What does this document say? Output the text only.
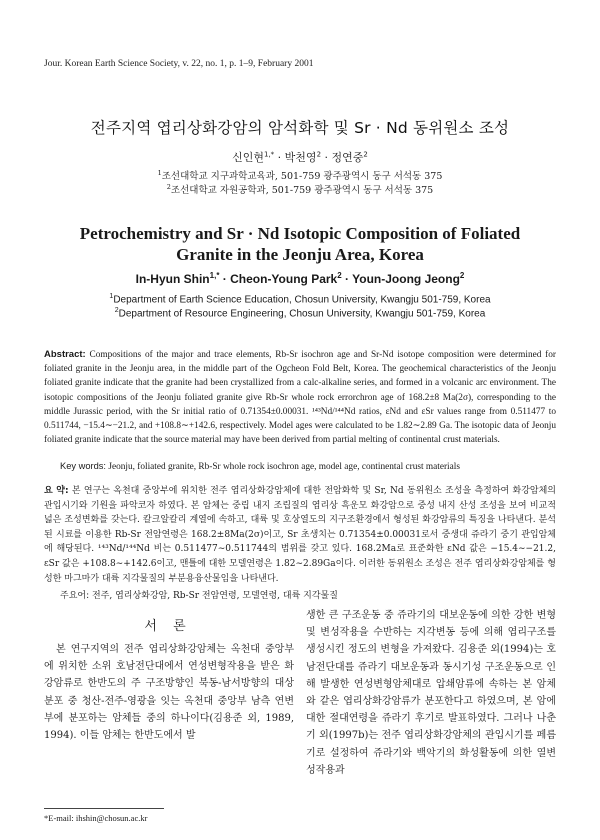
Jour. Korean Earth Science Society, v. 22, no. 1, p. 1–9, February 2001
전주지역 엽리상화강암의 암석화학 및 Sr · Nd 동위원소 조성
신인현$^{1,*}$ · 박천영$^2$ · 정연중$^2$
$^1$조선대학교 지구과학교육과, 501-759 광주광역시 동구 서석동 375
$^2$조선대학교 자원공학과, 501-759 광주광역시 동구 서석동 375
Petrochemistry and Sr · Nd Isotopic Composition of Foliated
Granite in the Jeonju Area, Korea
In-Hyun Shin$^{1,*}$ · Cheon-Young Park$^2$ · Youn-Joong Jeong$^2$
$^1$Department of Earth Science Education, Chosun University, Kwangju 501-759, Korea
$^2$Department of Resource Engineering, Chosun University, Kwangju 501-759, Korea
Abstract: Compositions of the major and trace elements, Rb-Sr isochron age and Sr-Nd isotope composition were determined for foliated granite in the Jeonju area, in the middle part of the Ogcheon Fold Belt, Korea. The geochemical characteristics of the Jeonju foliated granite indicate that the granite had been crystallized from a calc-alkaline series, and formed in a volcanic arc environment. The isotopic compositions of the Jeonju foliated granite give Rb-Sr whole rock errorchron age of 168.2±8 Ma(2σ), corresponding to the middle Jurassic period, with the Sr initial ratio of 0.71354±0.00031. ¹⁴³Nd/¹⁴⁴Nd ratios, εNd and εSr values range from 0.511477 to 0.511744, −15.4∼−21.2, and +108.8∼+142.6, respectively. Model ages were calculated to be 1.82∼2.89 Ga. The isotopic data of Jeonju foliated granite indicate that the source material may have been derived from partial melting of continental crust materials.
Key words: Jeonju, foliated granite, Rb-Sr whole rock isochron age, model age, continental crust materials
요 약: 본 연구는 옥천대 중앙부에 위치한 전주 엽리상화강암체에 대한 전암화학 및 Sr, Nd 동위원소 조성을 측정하여 화강암체의 관입시기와 기원을 파악코자 하였다. 본 암체는 중립 내지 조립질의 엽리상 흑운모 화강암으로 중성 내지 산성 조성을 보여 비교적 넓은 조성변화를 갖는다. 칼크알칼리 계열에 속하고, 대륙 및 호상열도의 지구조환경에서 형성된 화강암류의 특징을 나타낸다. 분석된 시료를 이용한 Rb-Sr 전암연령은 168.2±8Ma(2σ)이고, Sr 초생치는 0.71354±0.00031로서 중생대 쥬라기 중기 관입암체에 해당된다. ¹⁴³Nd/¹⁴⁴Nd 비는 0.511477∼0.511744의 범위를 갖고 있다. 168.2Ma로 표준화한 εNd 값은 −15.4∼−21.2, εSr 값은 +108.8∼+142.6이고, 맨틀에 대한 모델연령은 1.82∼2.89Ga이다. 이러한 동위원소 조성은 전주 엽리상화강암체를 형성한 마그마가 대륙 지각물질의 부분용융산물임을 나타낸다.
주요어: 전주, 엽리상화강암, Rb-Sr 전암연령, 모델연령, 대륙 지각물질
서 론
본 연구지역의 전주 엽리상화강암체는 옥천대 중앙부에 위치한 소위 호남전단대에서 연성변형작용을 받은 화강암류로 한반도의 주 구조방향인 북동-남서방향의 대상분포 중 청산-전주-영광을 잇는 옥천대 중앙부 남측 연변부에 분포하는 암체들 중의 하나이다(김용준 외, 1989, 1994). 이들 암체는 한반도에서 발
생한 큰 구조운동 중 쥬라기의 대보운동에 의한 강한 변형 및 변성작용을 수반하는 지각변동 등에 의해 엽리구조를 생성시킨 정도의 변형을 가져왔다. 김용준 외(1994)는 호남전단대를 쥬라기 대보운동과 동시기성 구조운동으로 인해 발생한 연성변형암체대로 압쇄암류에 속하는 본 암체와 같은 엽리상화강암류가 분포한다고 하였으며, 본 암에 대한 절대연령을 쥬라기 후기로 발표하였다. 그러나 나춘기 외(1997b)는 전주 엽리상화강암체의 관입시기를 페름기로 설정하여 쥬라기와 백악기의 화성활동에 의한 열변성작용과
*E-mail: ihshin@chosun.ac.kr
